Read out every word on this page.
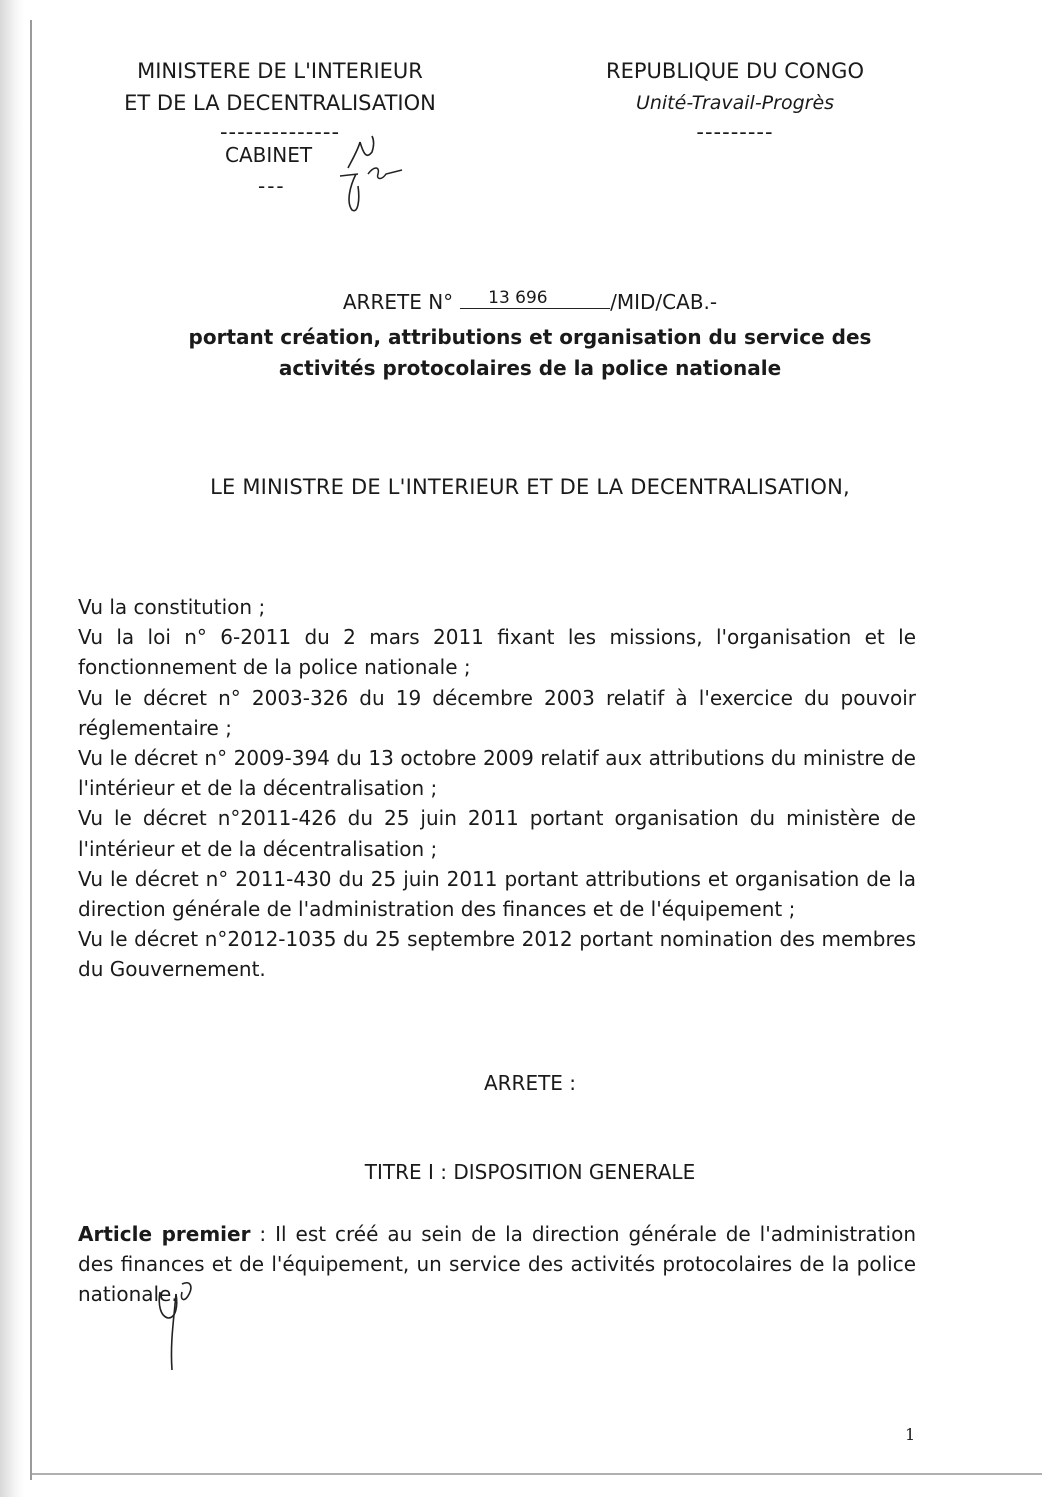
MINISTERE DE L'INTERIEUR
ET DE LA DECENTRALISATION
--------------
CABINET
---
REPUBLIQUE DU CONGO
Unité-Travail-Progrès
---------
ARRETE N° 13 696	/MID/CAB.-
portant création, attributions et organisation du service des activités protocolaires de la police nationale
LE MINISTRE DE L'INTERIEUR ET DE LA DECENTRALISATION,

Vu la constitution ;

Vu la loi n° 6-2011 du 2 mars 2011 fixant les missions, l'organisation et le fonctionnement de la police nationale ;

Vu le décret n° 2003-326 du 19 décembre 2003 relatif à l'exercice du pouvoir réglementaire ;

Vu le décret n° 2009-394 du 13 octobre 2009 relatif aux attributions du ministre de l'intérieur et de la décentralisation ;

Vu le décret n°2011-426 du 25 juin 2011 portant organisation du ministère de l'intérieur et de la décentralisation ;

Vu le décret n° 2011-430 du 25 juin 2011 portant attributions et organisation de la direction générale de l'administration des finances et de l'équipement ;

Vu le décret n°2012-1035 du 25 septembre 2012 portant nomination des membres du Gouvernement.

ARRETE :
TITRE I : DISPOSITION GENERALE
Article premier : Il est créé au sein de la direction générale de l'administration des finances et de l'équipement, un service des activités protocolaires de la police nationale.
1
